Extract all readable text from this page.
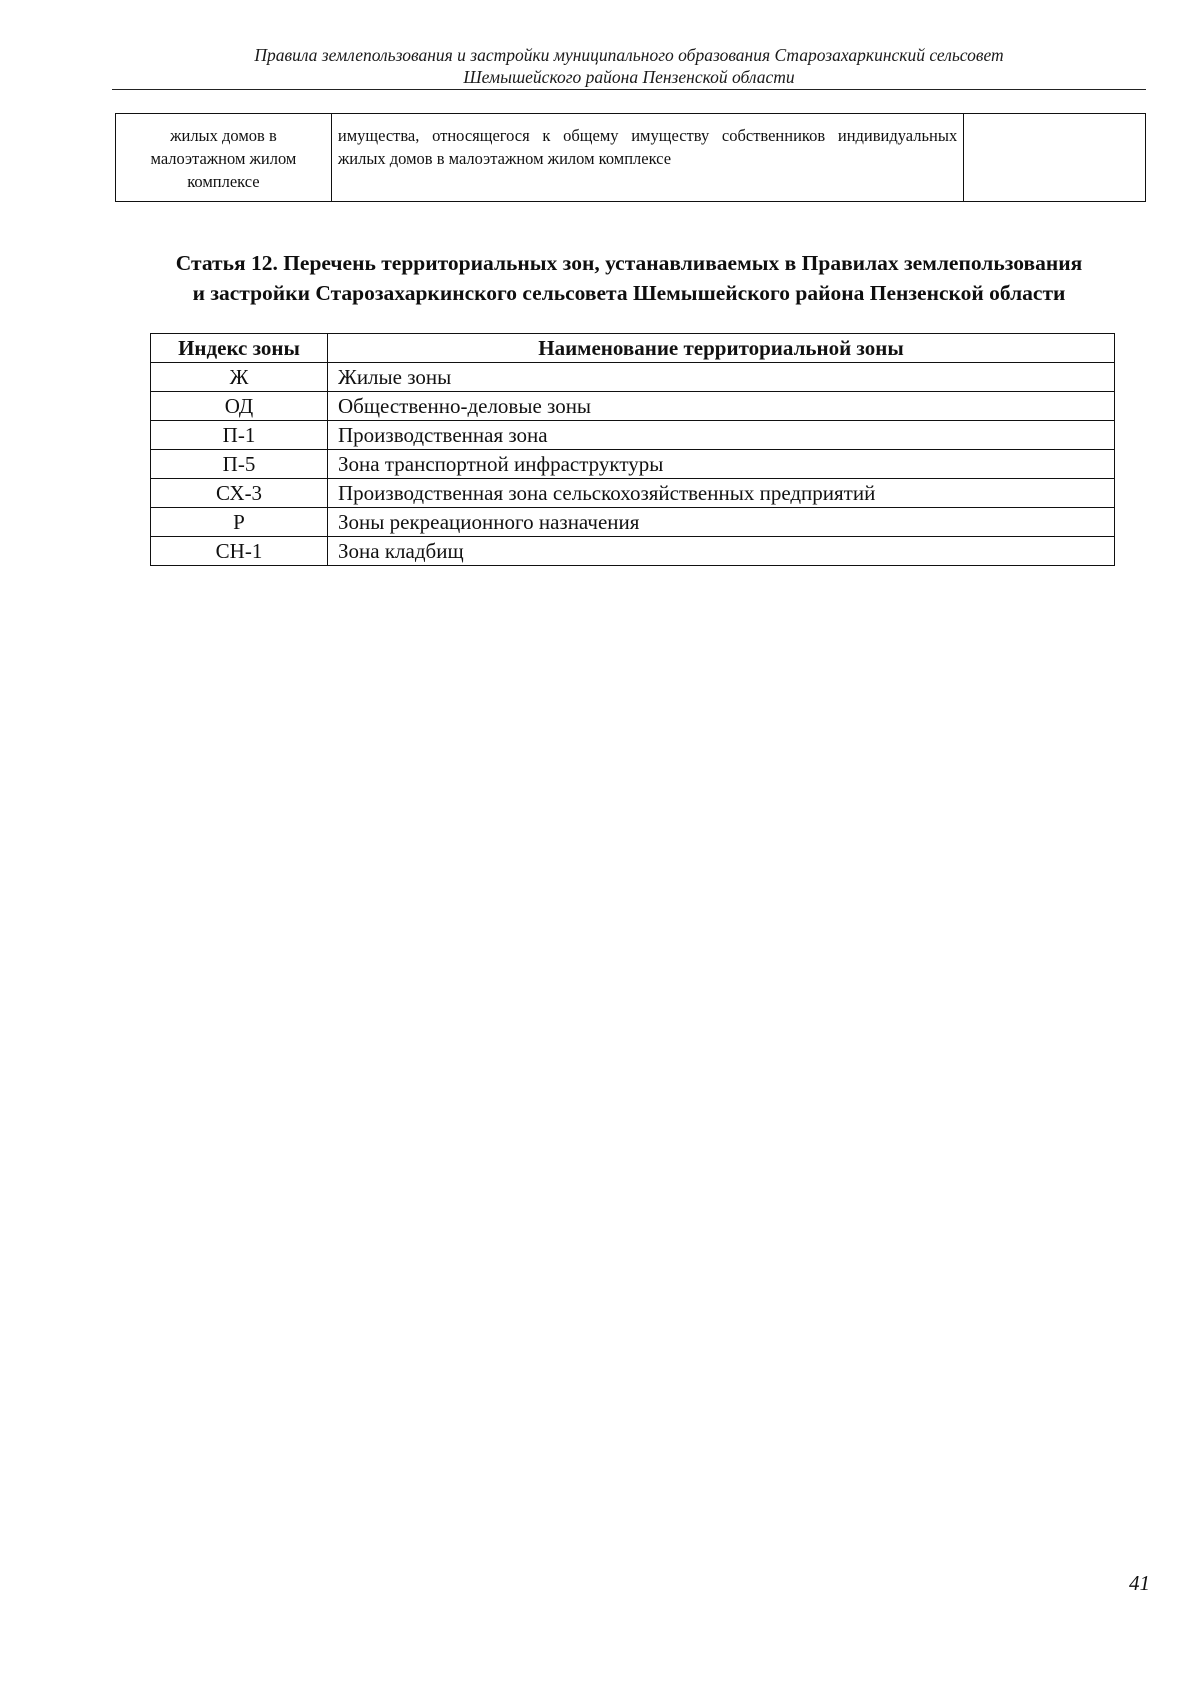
Правила землепользования и застройки муниципального образования Старозахаркинский сельсовет
Шемышейского района Пензенской области
жилых домов в малоэтажном жилом комплексе	имущества, относящегося к общему имуществу собственников индивидуальных жилых домов в малоэтажном жилом комплексе	
Статья 12. Перечень территориальных зон, устанавливаемых в Правилах землепользования
и застройки Старозахаркинского сельсовета Шемышейского района Пензенской области
Индекс зоны	Наименование территориальной зоны
Ж	Жилые зоны
ОД	Общественно-деловые зоны
П-1	Производственная зона
П-5	Зона транспортной инфраструктуры
СХ-3	Производственная зона сельскохозяйственных предприятий
Р	Зоны рекреационного назначения
СН-1	Зона кладбищ
41
